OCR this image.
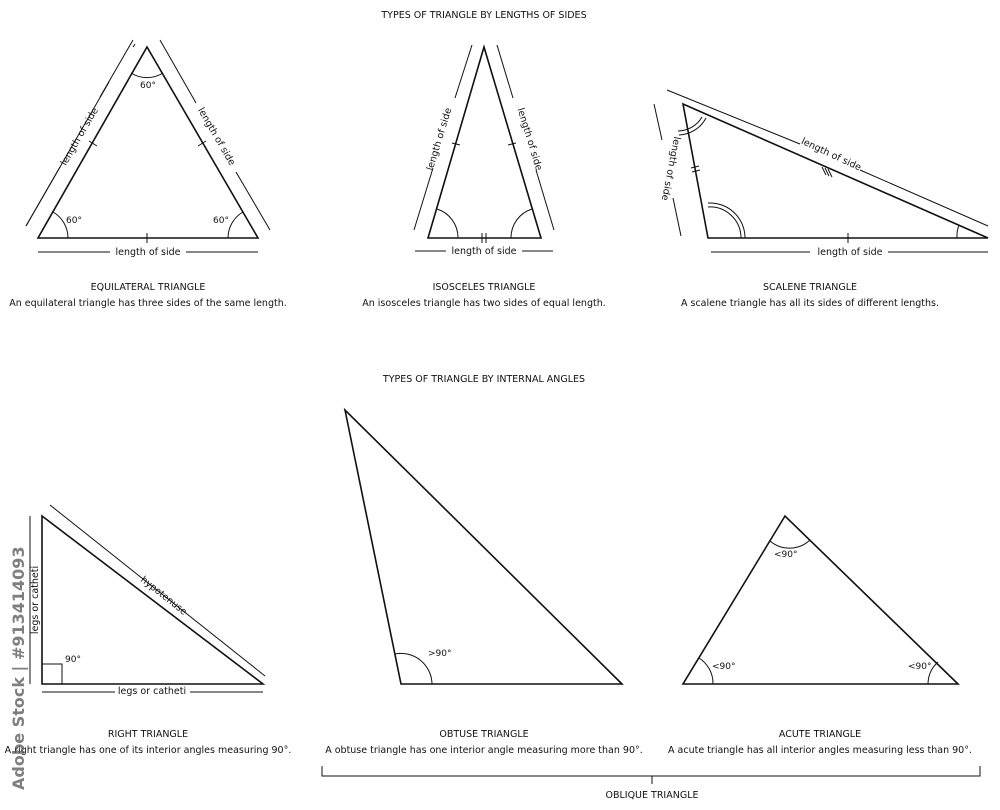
TYPES OF TRIANGLE BY LENGTHS OF SIDES
TYPES OF TRIANGLE BY INTERNAL ANGLES
60°
60°	60°
length of side
length of side	length of side
length of side
length of side	length of side
length of side
length of side	length of side
EQUILATERAL TRIANGLE
An equilateral triangle has three sides of the same length.
ISOSCELES TRIANGLE
An isosceles triangle has two sides of equal length.
SCALENE TRIANGLE
A scalene triangle has all its sides of different lengths.
90°
legs or catheti
legs or catheti	hypotenuse
>90°
<90°
<90°	<90°
RIGHT TRIANGLE
A right triangle has one of its interior angles measuring 90°.
OBTUSE TRIANGLE
A obtuse triangle has one interior angle measuring more than 90°.
ACUTE TRIANGLE
A acute triangle has all interior angles measuring less than 90°.
OBLIQUE TRIANGLE
Adobe Stock | #913414093
